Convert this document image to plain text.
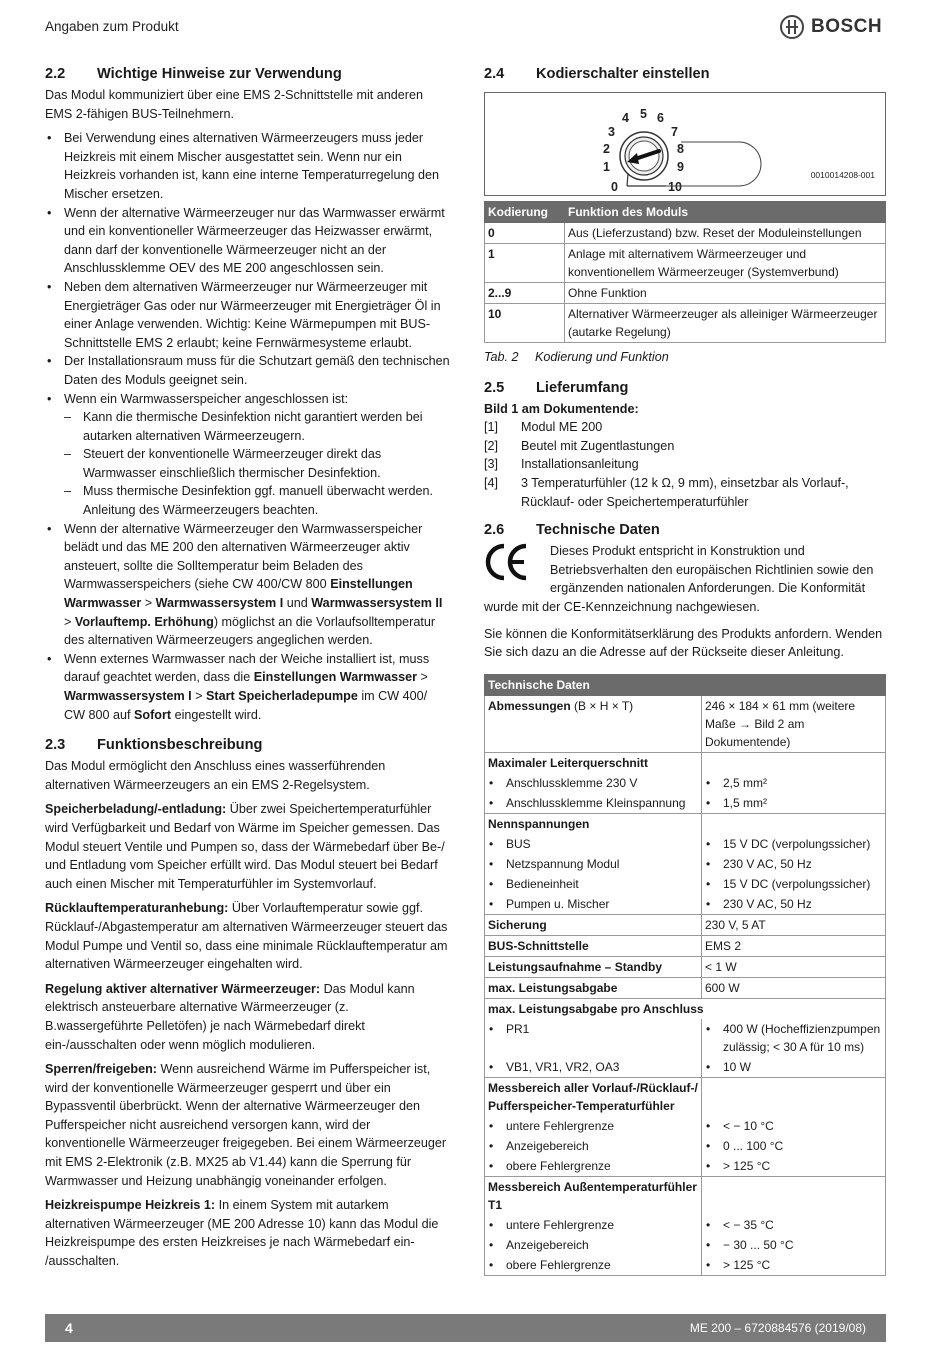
Angaben zum Produkt	BOSCH
2.2	Wichtige Hinweise zur Verwendung

Das Modul kommuniziert über eine EMS 2-Schnittstelle mit anderen EMS 2-fähigen BUS-Teilnehmern.

• Bei Verwendung eines alternativen Wärmeerzeugers muss jeder Heizkreis mit einem Mischer ausgestattet sein. Wenn nur ein Heizkreis vorhanden ist, kann eine interne Temperaturregelung den Mischer ersetzen.
• Wenn der alternative Wärmeerzeuger nur das Warmwasser erwärmt und ein konventioneller Wärmeerzeuger das Heizwasser erwärmt, dann darf der konventionelle Wärmeerzeuger nicht an der Anschlussklemme OEV des ME 200 angeschlossen sein.
• Neben dem alternativen Wärmeerzeuger nur Wärmeerzeuger mit Energieträger Gas oder nur Wärmeerzeuger mit Energieträger Öl in einer Anlage verwenden. Wichtig: Keine Wärmepumpen mit BUS-Schnittstelle EMS 2 erlaubt; keine Fernwärmesysteme erlaubt.
• Der Installationsraum muss für die Schutzart gemäß den technischen Daten des Moduls geeignet sein.
• Wenn ein Warmwasserspeicher angeschlossen ist:
– Kann die thermische Desinfektion nicht garantiert werden bei autarken alternativen Wärmeerzeugern.
– Steuert der konventionelle Wärmeerzeuger direkt das Warmwasser einschließlich thermischer Desinfektion.
– Muss thermische Desinfektion ggf. manuell überwacht werden. Anleitung des Wärmeerzeugers beachten.
• Wenn der alternative Wärmeerzeuger den Warmwasserspeicher belädt und das ME 200 den alternativen Wärmeerzeuger aktiv ansteuert, sollte die Solltemperatur beim Beladen des Warmwasserspeichers (siehe CW 400/CW 800 Einstellungen Warmwasser > Warmwassersystem I und Warmwassersystem II > Vorlauftemp. Erhöhung) möglichst an die Vorlaufsolltemperatur des alternativen Wärmeerzeugers angeglichen werden.
• Wenn externes Warmwasser nach der Weiche installiert ist, muss darauf geachtet werden, dass die Einstellungen Warmwasser > Warmwassersystem I > Start Speicherladepumpe im CW 400/ CW 800 auf Sofort eingestellt wird.
2.3	Funktionsbeschreibung

Das Modul ermöglicht den Anschluss eines wasserführenden alternativen Wärmeerzeugers an ein EMS 2-Regelsystem.

Speicherbeladung/-entladung: Über zwei Speichertemperaturfühler wird Verfügbarkeit und Bedarf von Wärme im Speicher gemessen. Das Modul steuert Ventile und Pumpen so, dass der Wärmebedarf über Be-/ und Entladung vom Speicher erfüllt wird. Das Modul steuert bei Bedarf auch einen Mischer mit Temperaturfühler im Systemvorlauf.

Rücklauftemperaturanhebung: Über Vorlauftemperatur sowie ggf. Rücklauf-/Abgastemperatur am alternativen Wärmeerzeuger steuert das Modul Pumpe und Ventil so, dass eine minimale Rücklauftemperatur am alternativen Wärmeerzeuger eingehalten wird.

Regelung aktiver alternativer Wärmeerzeuger: Das Modul kann elektrisch ansteuerbare alternative Wärmeerzeuger (z. B.wassergeführte Pelletöfen) je nach Wärmebedarf direkt ein-/ausschalten oder wenn möglich modulieren.

Sperren/freigeben: Wenn ausreichend Wärme im Pufferspeicher ist, wird der konventionelle Wärmeerzeuger gesperrt und über ein Bypassventil überbrückt. Wenn der alternative Wärmeerzeuger den Pufferspeicher nicht ausreichend versorgen kann, wird der konventionelle Wärmeerzeuger freigegeben. Bei einem Wärmeerzeuger mit EMS 2-Elektronik (z.B. MX25 ab V1.44) kann die Sperrung für Warmwasser und Heizung unabhängig voneinander erfolgen.

Heizkreispumpe Heizkreis 1: In einem System mit autarkem alternativen Wärmeerzeuger (ME 200 Adresse 10) kann das Modul die Heizkreispumpe des ersten Heizkreises je nach Wärmebedarf ein- /ausschalten.

2.4	Kodierschalter einstellen
0
1
2
3
4 5 6
7
8
9
10
0010014208-001
Kodierung	Funktion des Moduls
0	Aus (Lieferzustand) bzw. Reset der Moduleinstellungen
1	Anlage mit alternativem Wärmeerzeuger und konventionellem Wärmeerzeuger (Systemverbund)
2...9	Ohne Funktion
10	Alternativer Wärmeerzeuger als alleiniger Wärmeerzeuger (autarke Regelung)
Tab. 2 Kodierung und Funktion
2.5	Lieferumfang
Bild 1 am Dokumentende:
[1]	Modul ME 200
[2]	Beutel mit Zugentlastungen
[3]	Installationsanleitung
[4]	3 Temperaturfühler (12 k Ω, 9 mm), einsetzbar als Vorlauf-, Rücklauf- oder Speichertemperaturfühler
2.6	Technische Daten

Dieses Produkt entspricht in Konstruktion und Betriebsverhalten den europäischen Richtlinien sowie den ergänzenden nationalen Anforderungen. Die Konformität wurde mit der CE-Kennzeichnung nachgewiesen.

Sie können die Konformitätserklärung des Produkts anfordern. Wenden Sie sich dazu an die Adresse auf der Rückseite dieser Anleitung.

Technische Daten	
Abmessungen (B × H × T)	246 × 184 × 61 mm (weitere Maße → Bild 2 am Dokumentende)
Maximaler Leiterquerschnitt	
• Anschlussklemme 230 V	• 2,5 mm²
• Anschlussklemme Kleinspannung	• 1,5 mm²
Nennspannungen	
• BUS	• 15 V DC (verpolungssicher)
• Netzspannung Modul	• 230 V AC, 50 Hz
• Bedieneinheit	• 15 V DC (verpolungssicher)
• Pumpen u. Mischer	• 230 V AC, 50 Hz
Sicherung	230 V, 5 AT
BUS-Schnittstelle	EMS 2
Leistungsaufnahme – Standby	< 1 W
max. Leistungsabgabe	600 W
max. Leistungsabgabe pro Anschluss	
• PR1	• 400 W (Hocheffizienzpumpen zulässig; < 30 A für 10 ms)
• VB1, VR1, VR2, OA3	• 10 W
Messbereich aller Vorlauf-/Rücklauf-/ Pufferspeicher-Temperaturfühler	
• untere Fehlergrenze	• < − 10 °C
• Anzeigebereich	• 0 ... 100 °C
• obere Fehlergrenze	• > 125 °C
Messbereich Außentemperaturfühler T1	
• untere Fehlergrenze	• < − 35 °C
• Anzeigebereich	• − 30 ... 50 °C
• obere Fehlergrenze	• > 125 °C
4	ME 200 – 6720884576 (2019/08)
